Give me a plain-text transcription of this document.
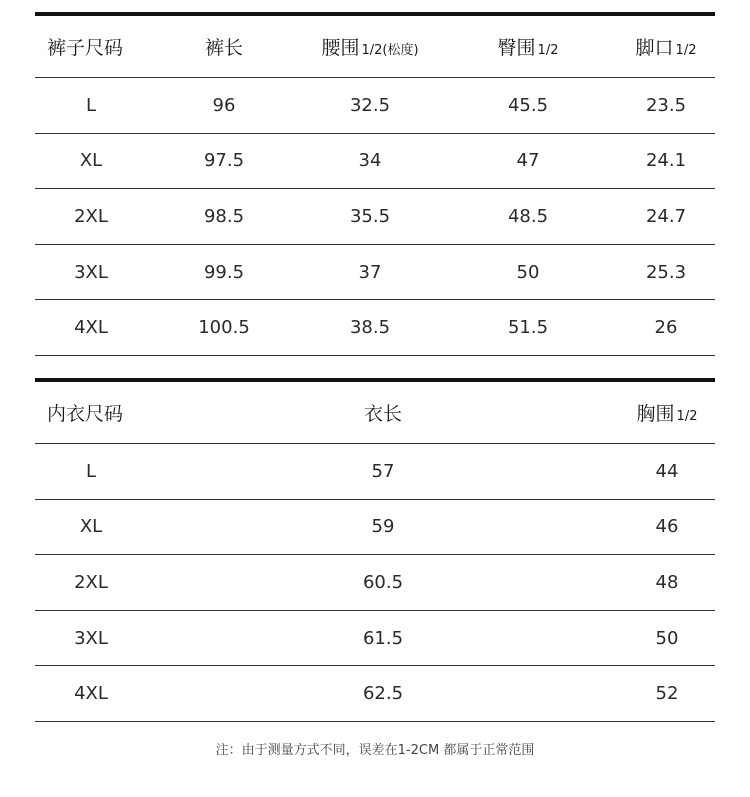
裤子尺码	裤长	腰围 1/2(松度)	臀围 1/2	脚口 1/2
L	96	32.5	45.5	23.5
XL	97.5	34	47	24.1
2XL	98.5	35.5	48.5	24.7
3XL	99.5	37	50	25.3
4XL	100.5	38.5	51.5	26
内衣尺码	衣长	胸围 1/2
L	57	44
XL	59	46
2XL	60.5	48
3XL	61.5	50
4XL	62.5	52
注：由于测量方式不同，误差在1-2CM 都属于正常范围
